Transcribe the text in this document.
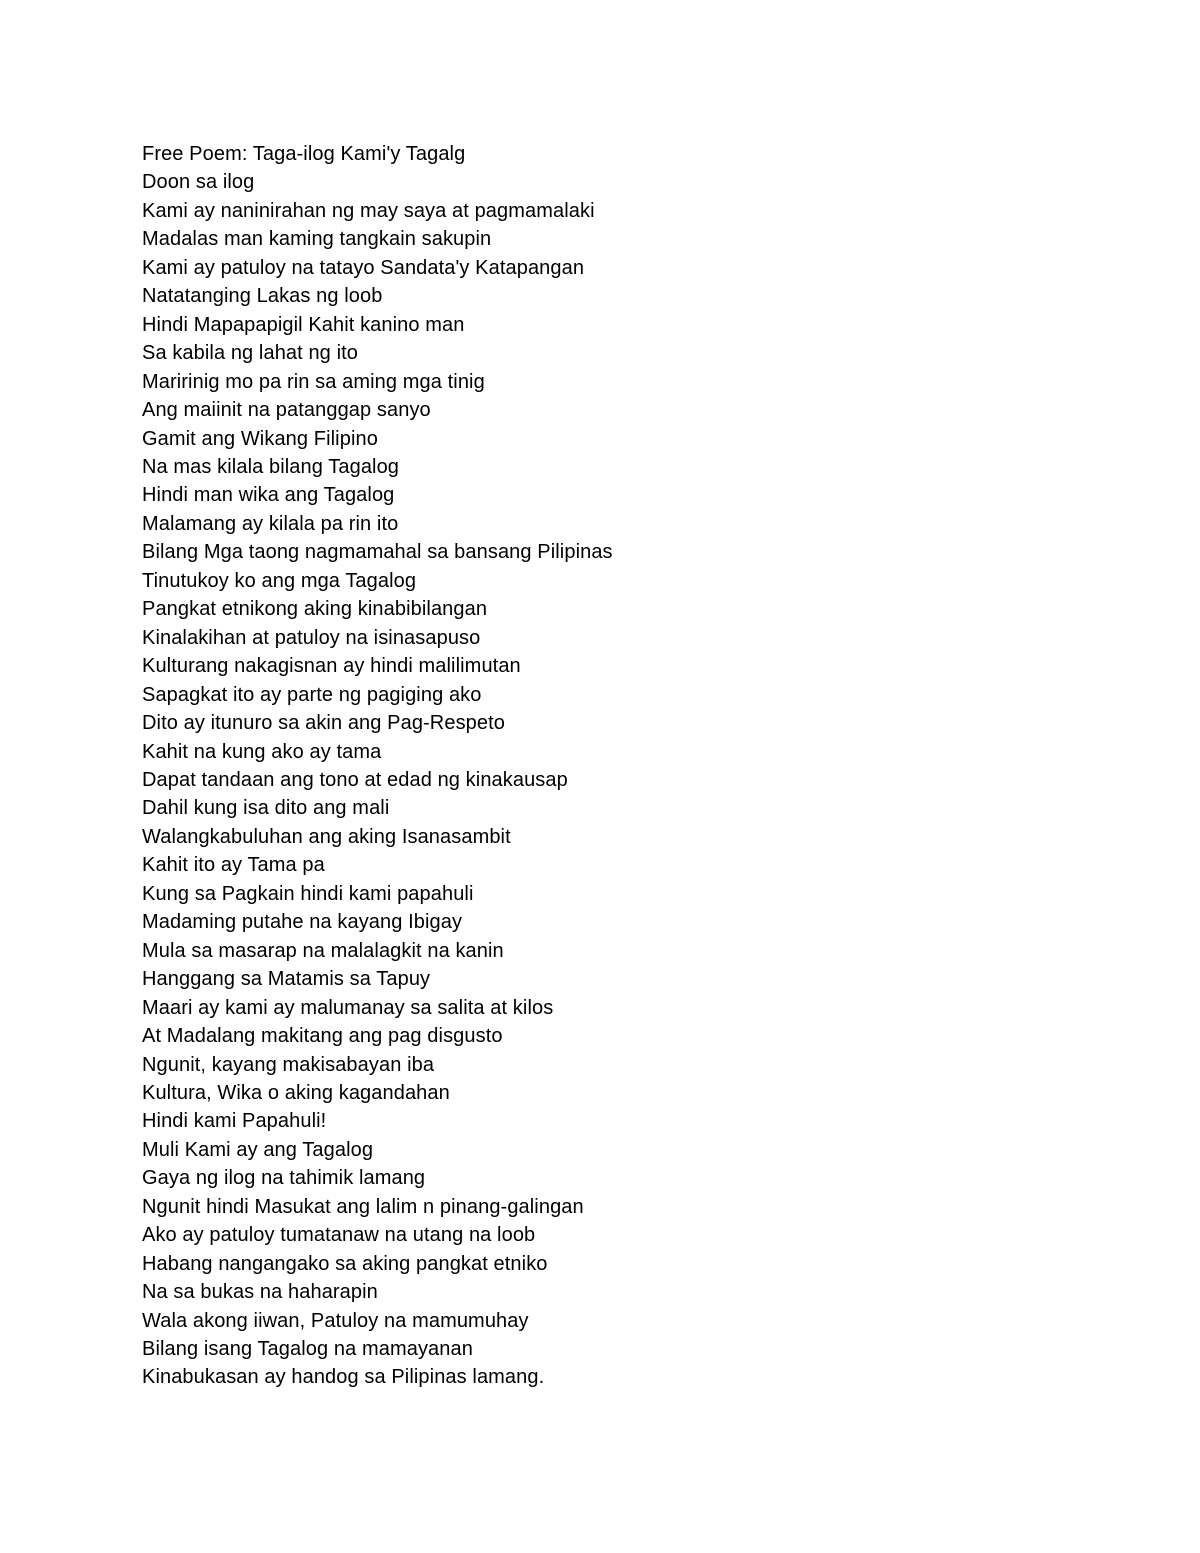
Free Poem: Taga-ilog Kami'y Tagalg
Doon sa ilog
Kami ay naninirahan ng may saya at pagmamalaki
Madalas man kaming tangkain sakupin
Kami ay patuloy na tatayo Sandata'y Katapangan
Natatanging Lakas ng loob
Hindi Mapapapigil Kahit kanino man
Sa kabila ng lahat ng ito
Maririnig mo pa rin sa aming mga tinig
Ang maiinit na patanggap sanyo
Gamit ang Wikang Filipino
Na mas kilala bilang Tagalog
Hindi man wika ang Tagalog
Malamang ay kilala pa rin ito
Bilang Mga taong nagmamahal sa bansang Pilipinas
Tinutukoy ko ang mga Tagalog
Pangkat etnikong aking kinabibilangan
Kinalakihan at patuloy na isinasapuso
Kulturang nakagisnan ay hindi malilimutan
Sapagkat ito ay parte ng pagiging ako
Dito ay itunuro sa akin ang Pag-Respeto
Kahit na kung ako ay tama
Dapat tandaan ang tono at edad ng kinakausap
Dahil kung isa dito ang mali
Walangkabuluhan ang aking Isanasambit
Kahit ito ay Tama pa
Kung sa Pagkain hindi kami papahuli
Madaming putahe na kayang Ibigay
Mula sa masarap na malalagkit na kanin
Hanggang sa Matamis sa Tapuy
Maari ay kami ay malumanay sa salita at kilos
At Madalang makitang ang pag disgusto
Ngunit, kayang makisabayan iba
Kultura, Wika o aking kagandahan
Hindi kami Papahuli!
Muli Kami ay ang Tagalog
Gaya ng ilog na tahimik lamang
Ngunit hindi Masukat ang lalim n pinang-galingan
Ako ay patuloy tumatanaw na utang na loob
Habang nangangako sa aking pangkat etniko
Na sa bukas na haharapin
Wala akong iiwan, Patuloy na mamumuhay
Bilang isang Tagalog na mamayanan
Kinabukasan ay handog sa Pilipinas lamang.
